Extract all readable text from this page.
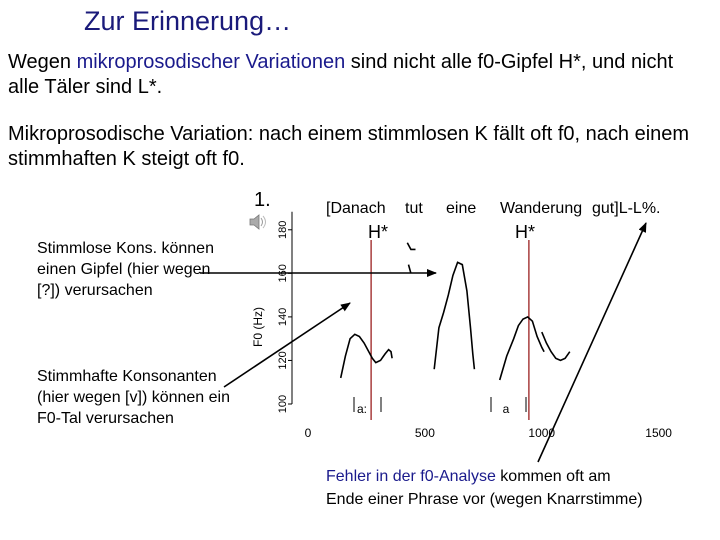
Zur Erinnerung…
Wegen mikroprosodischer Variationen sind nicht alle f0-Gipfel H*, und nicht alle Täler sind L*.
Mikroprosodische Variation: nach einem stimmlosen K fällt oft f0, nach einem stimmhaften K steigt oft f0.
Stimmlose Kons. können einen Gipfel (hier wegen [?]) verursachen
Stimmhafte Konsonanten (hier wegen [v]) können ein F0-Tal verursachen
Fehler in der f0-Analyse kommen oft am Ende einer Phrase vor (wegen Knarrstimme)
1.	[Danach tut eine Wanderung gut]L-L%.
H*	H*
100
120
140
160
180
F0 (Hz)
0	500	1000	1500
a:	a
